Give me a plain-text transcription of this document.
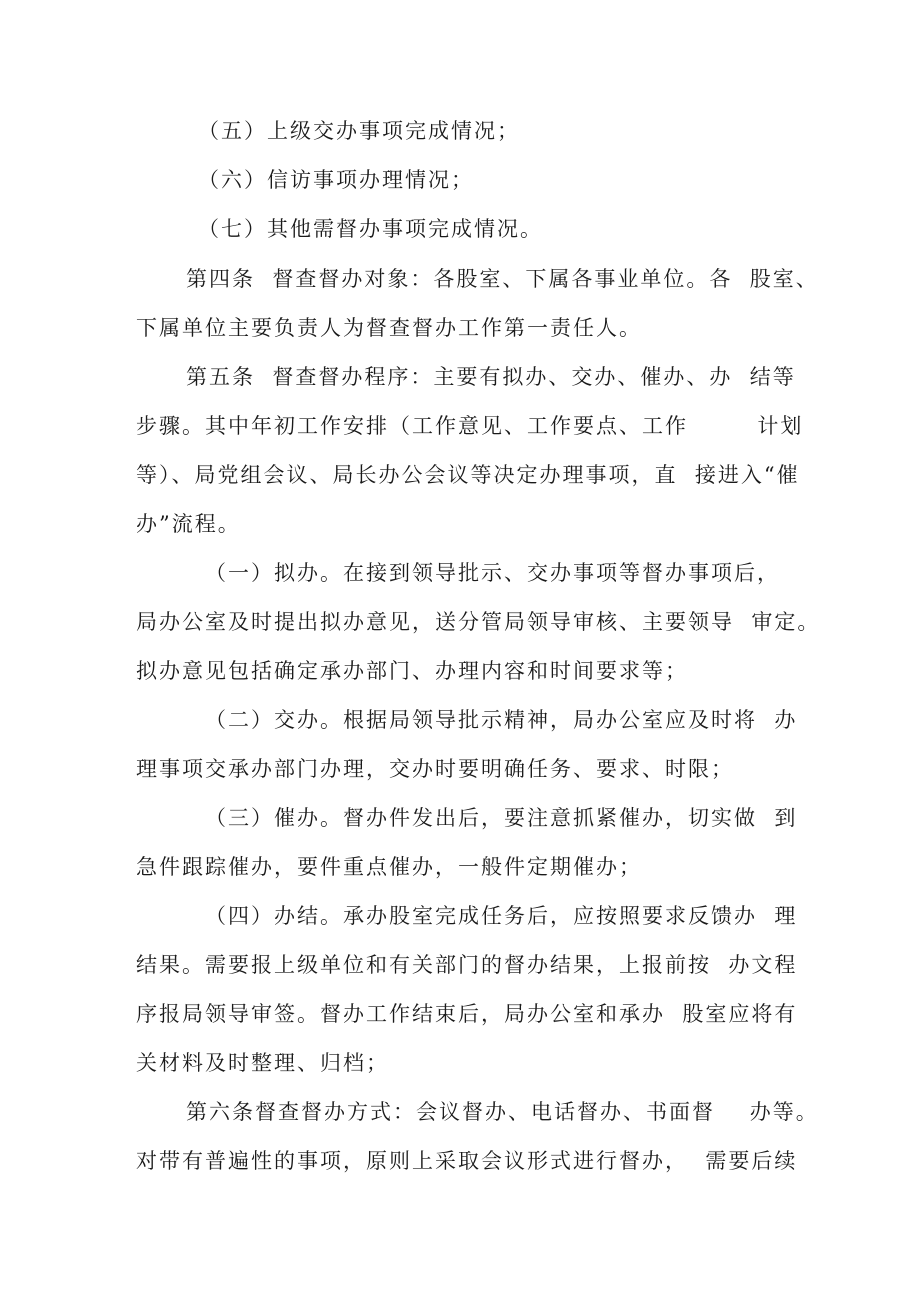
（五）上级交办事项完成情况；
（六）信访事项办理情况；
（七）其他需督办事项完成情况。
第四条  督查督办对象：各股室、下属各事业单位。各  股室、
下属单位主要负责人为督查督办工作第一责任人。
第五条  督查督办程序：主要有拟办、交办、催办、办  结等
步骤。其中年初工作安排（工作意见、工作要点、工作        计划
等）、局党组会议、局长办公会议等决定办理事项，直  接进入“催
办”流程。
（一）拟办。在接到领导批示、交办事项等督办事项后，
局办公室及时提出拟办意见，送分管局领导审核、主要领导  审定。
拟办意见包括确定承办部门、办理内容和时间要求等；
（二）交办。根据局领导批示精神，局办公室应及时将  办
理事项交承办部门办理，交办时要明确任务、要求、时限；
（三）催办。督办件发出后，要注意抓紧催办，切实做  到
急件跟踪催办，要件重点催办，一般件定期催办；
（四）办结。承办股室完成任务后，应按照要求反馈办  理
结果。需要报上级单位和有关部门的督办结果，上报前按  办文程
序报局领导审签。督办工作结束后，局办公室和承办  股室应将有
关材料及时整理、归档；
第六条督查督办方式：会议督办、电话督办、书面督    办等。
对带有普遍性的事项，原则上采取会议形式进行督办，  需要后续
